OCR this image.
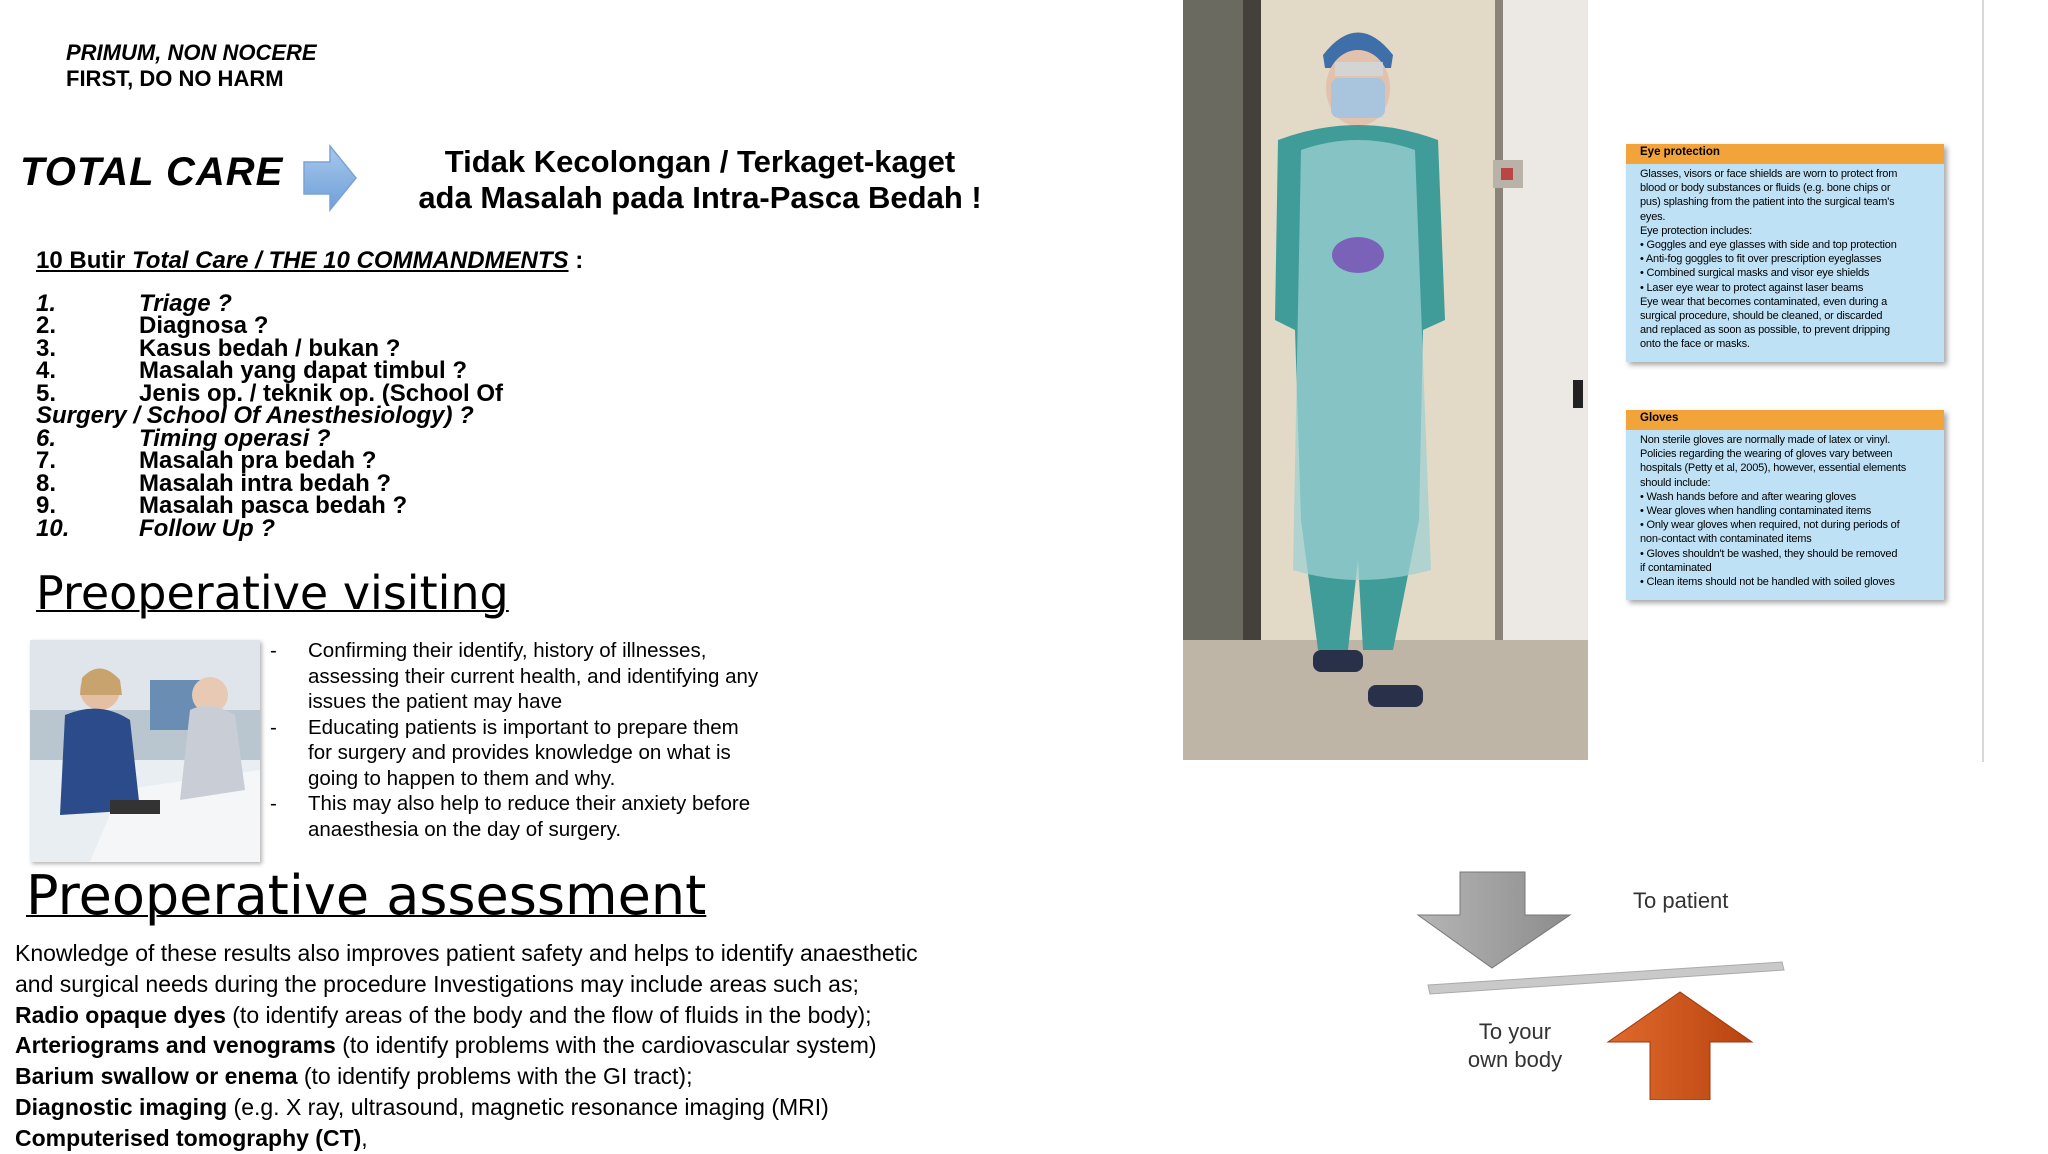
PRIMUM, NON NOCERE
FIRST, DO NO HARM
TOTAL CARE	Tidak Kecolongan / Terkaget-kaget
ada Masalah pada Intra-Pasca Bedah !
10 Butir Total Care / THE 10 COMMANDMENTS :
1.	Triage ?
2.	Diagnosa ?
3.	Kasus bedah / bukan ?
4.	Masalah yang dapat timbul ?
5.	Jenis op. / teknik op. (School Of
Surgery / School Of Anesthesiology) ?
6.	Timing operasi ?
7.	Masalah pra bedah ?
8.	Masalah intra bedah ?
9.	Masalah pasca bedah ?
10.	Follow Up ?
Preoperative visiting
-	Confirming their identify, history of illnesses, assessing their current health, and identifying any issues the patient may have
-	Educating patients is important to prepare them for surgery and provides knowledge on what is going to happen to them and why.
-	This may also help to reduce their anxiety before anaesthesia on the day of surgery.
Preoperative assessment
Knowledge of these results also improves patient safety and helps to identify anaesthetic
and surgical needs during the procedure Investigations may include areas such as;
Radio opaque dyes (to identify areas of the body and the flow of fluids in the body);
Arteriograms and venograms (to identify problems with the cardiovascular system)
Barium swallow or enema (to identify problems with the GI tract);
Diagnostic imaging (e.g. X ray, ultrasound, magnetic resonance imaging (MRI)
Computerised tomography (CT),
Eye protection
Glasses, visors or face shields are worn to protect from
blood or body substances or fluids (e.g. bone chips or
pus) splashing from the patient into the surgical team's
eyes.
Eye protection includes:
• Goggles and eye glasses with side and top protection
• Anti-fog goggles to fit over prescription eyeglasses
• Combined surgical masks and visor eye shields
• Laser eye wear to protect against laser beams
Eye wear that becomes contaminated, even during a
surgical procedure, should be cleaned, or discarded
and replaced as soon as possible, to prevent dripping
onto the face or masks.
Gloves
Non sterile gloves are normally made of latex or vinyl.
Policies regarding the wearing of gloves vary between
hospitals (Petty et al, 2005), however, essential elements
should include:
• Wash hands before and after wearing gloves
• Wear gloves when handling contaminated items
• Only wear gloves when required, not during periods of
non-contact with contaminated items
• Gloves shouldn't be washed, they should be removed
if contaminated
• Clean items should not be handled with soiled gloves
To patient
To your
own body
